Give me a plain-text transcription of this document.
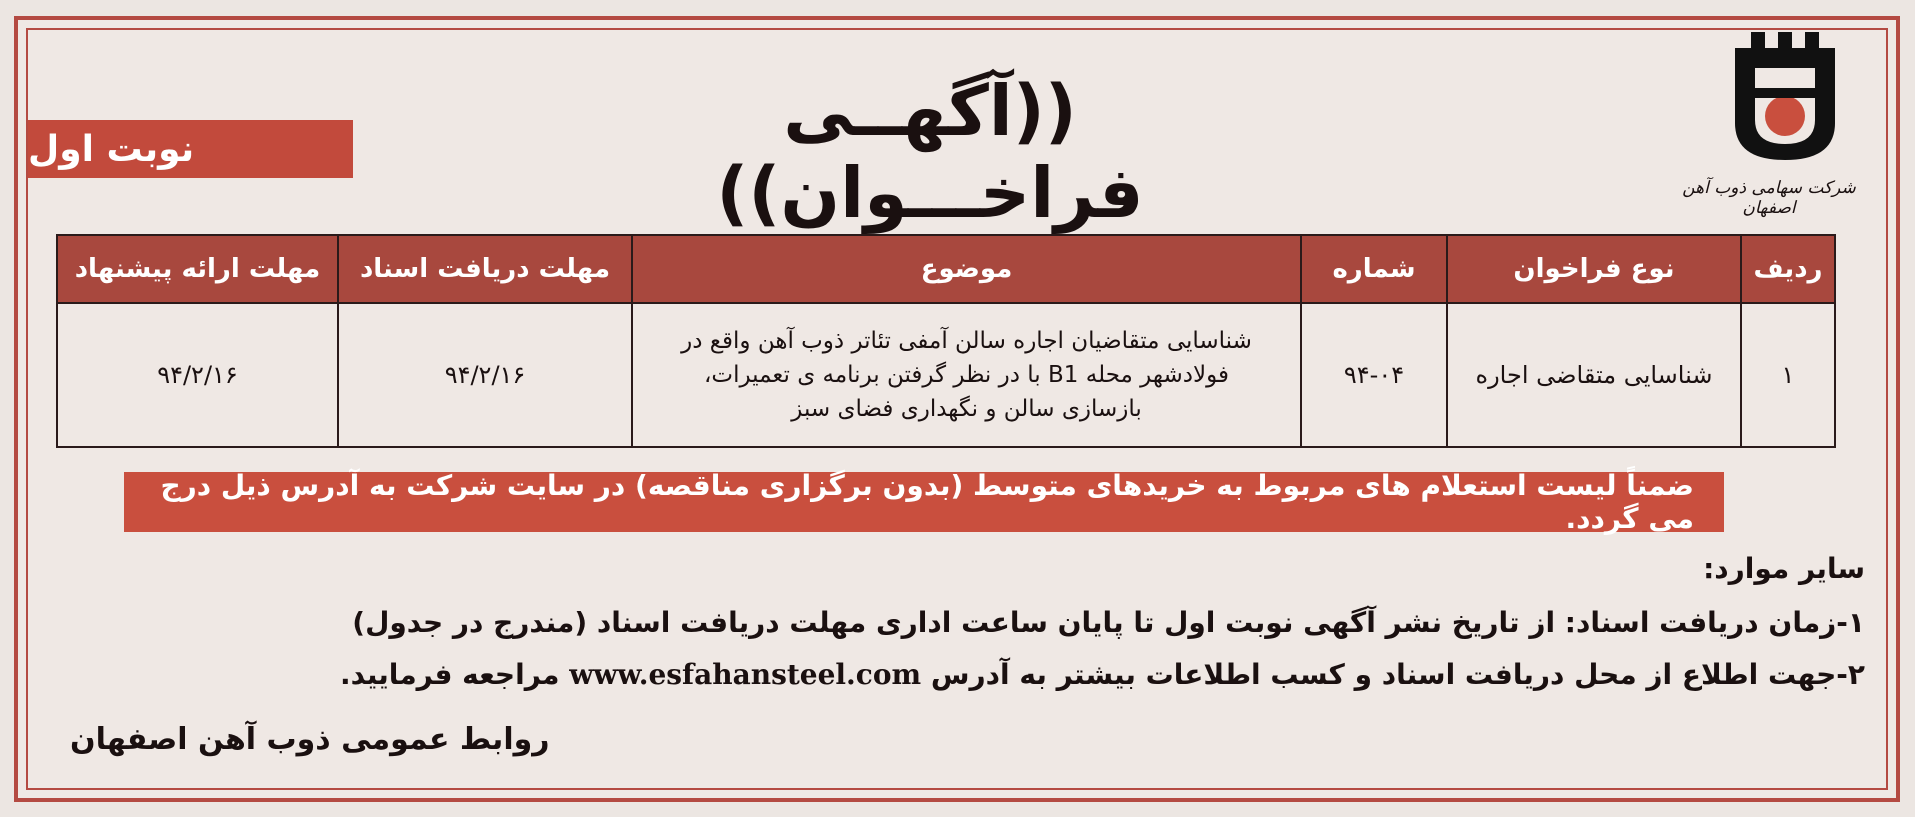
شرکت سهامی ذوب آهن اصفهان
((آگهــی فراخـــوان))
نوبت اول
ردیف	نوع فراخوان	شماره	موضوع	مهلت دریافت اسناد	مهلت ارائه پیشنهاد
۱	شناسایی متقاضی اجاره	۹۴-۰۴	شناسایی متقاضیان اجاره سالن آمفی تئاتر ذوب آهن واقع در
فولادشهر محله B1 با در نظر گرفتن برنامه ی تعمیرات،
بازسازی سالن و نگهداری فضای سبز	۹۴/۲/۱۶	۹۴/۲/۱۶
ضمناً لیست استعلام های مربوط به خریدهای متوسط (بدون برگزاری مناقصه) در سایت شرکت به آدرس ذیل درج می گردد.
سایر موارد:
۱-زمان دریافت اسناد: از تاریخ نشر آگهی نوبت اول تا پایان ساعت اداری مهلت دریافت اسناد (مندرج در جدول)
۲-جهت اطلاع از محل دریافت اسناد و کسب اطلاعات بیشتر به آدرس www.esfahansteel.com مراجعه فرمایید.
روابط عمومی ذوب آهن اصفهان
